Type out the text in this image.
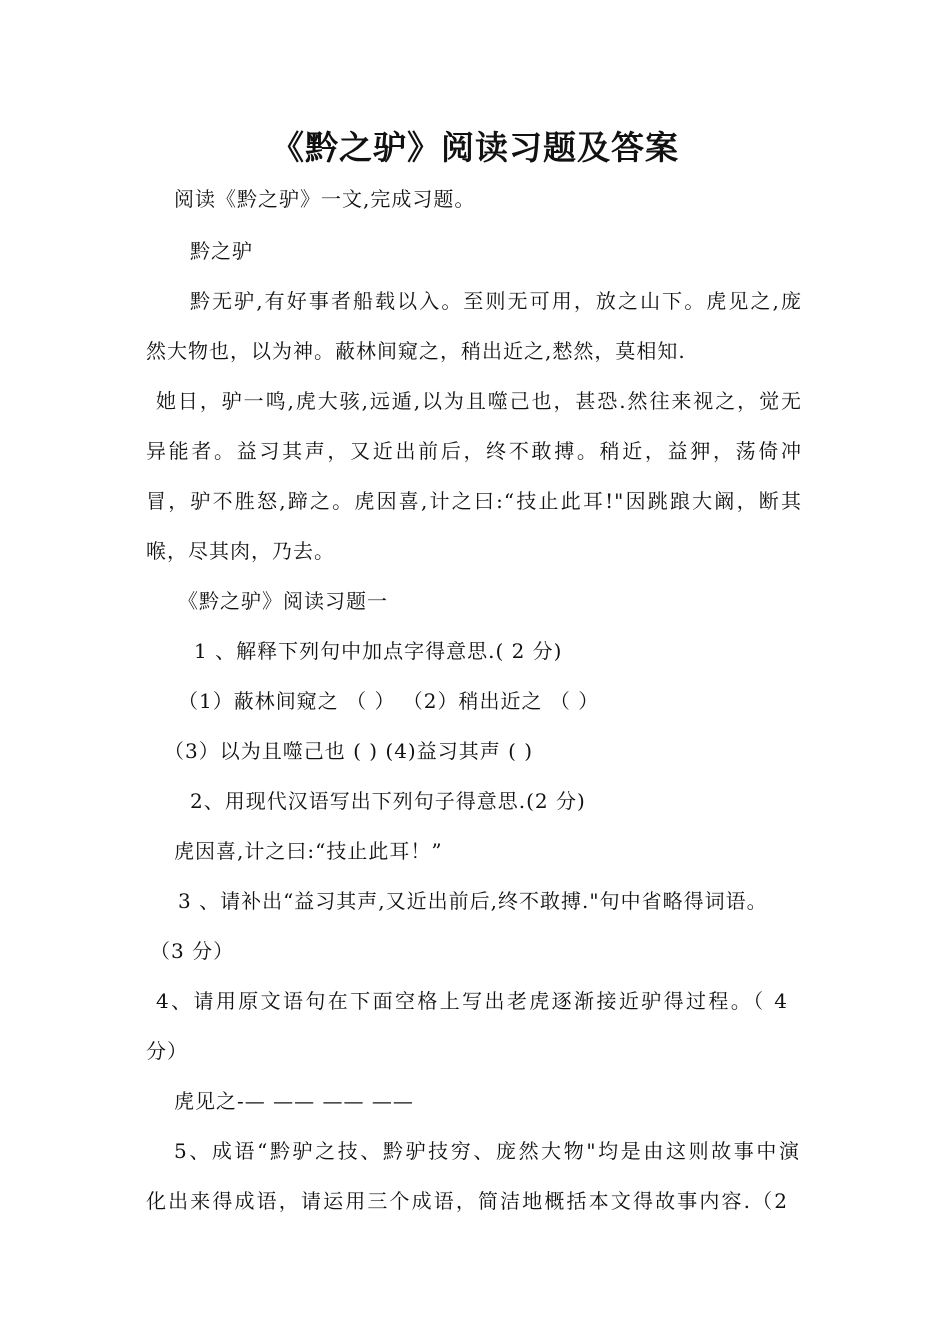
《黔之驴》阅读习题及答案
阅读《黔之驴》一文,完成习题。
黔之驴
黔无驴,有好事者船载以入。至则无可用，放之山下。虎见之,庞
然大物也，以为神。蔽林间窥之，稍出近之,慭然，莫相知.
她日，驴一鸣,虎大骇,远遁,以为且噬己也，甚恐.然往来视之，觉无
异能者。益习其声，又近出前后，终不敢搏。稍近，益狎，荡倚冲
冒，驴不胜怒,蹄之。虎因喜,计之曰:“技止此耳!"因跳踉大阚，断其
喉，尽其肉，乃去。
《黔之驴》阅读习题一
1 、解释下列句中加点字得意思.( 2 分)
（1）蔽林间窥之 （ ） （2）稍出近之 （ ）
（3）以为且噬己也 ( ) (4)益习其声 ( )
2、用现代汉语写出下列句子得意思.(2 分)
虎因喜,计之曰:“技止此耳！”
3 、请补出“益习其声,又近出前后,终不敢搏."句中省略得词语。
（3 分）
4、请用原文语句在下面空格上写出老虎逐渐接近驴得过程。（ 4
分）
虎见之-— —— —— ——
5、成语“黔驴之技、黔驴技穷、庞然大物"均是由这则故事中演
化出来得成语，请运用三个成语，简洁地概括本文得故事内容.（2
